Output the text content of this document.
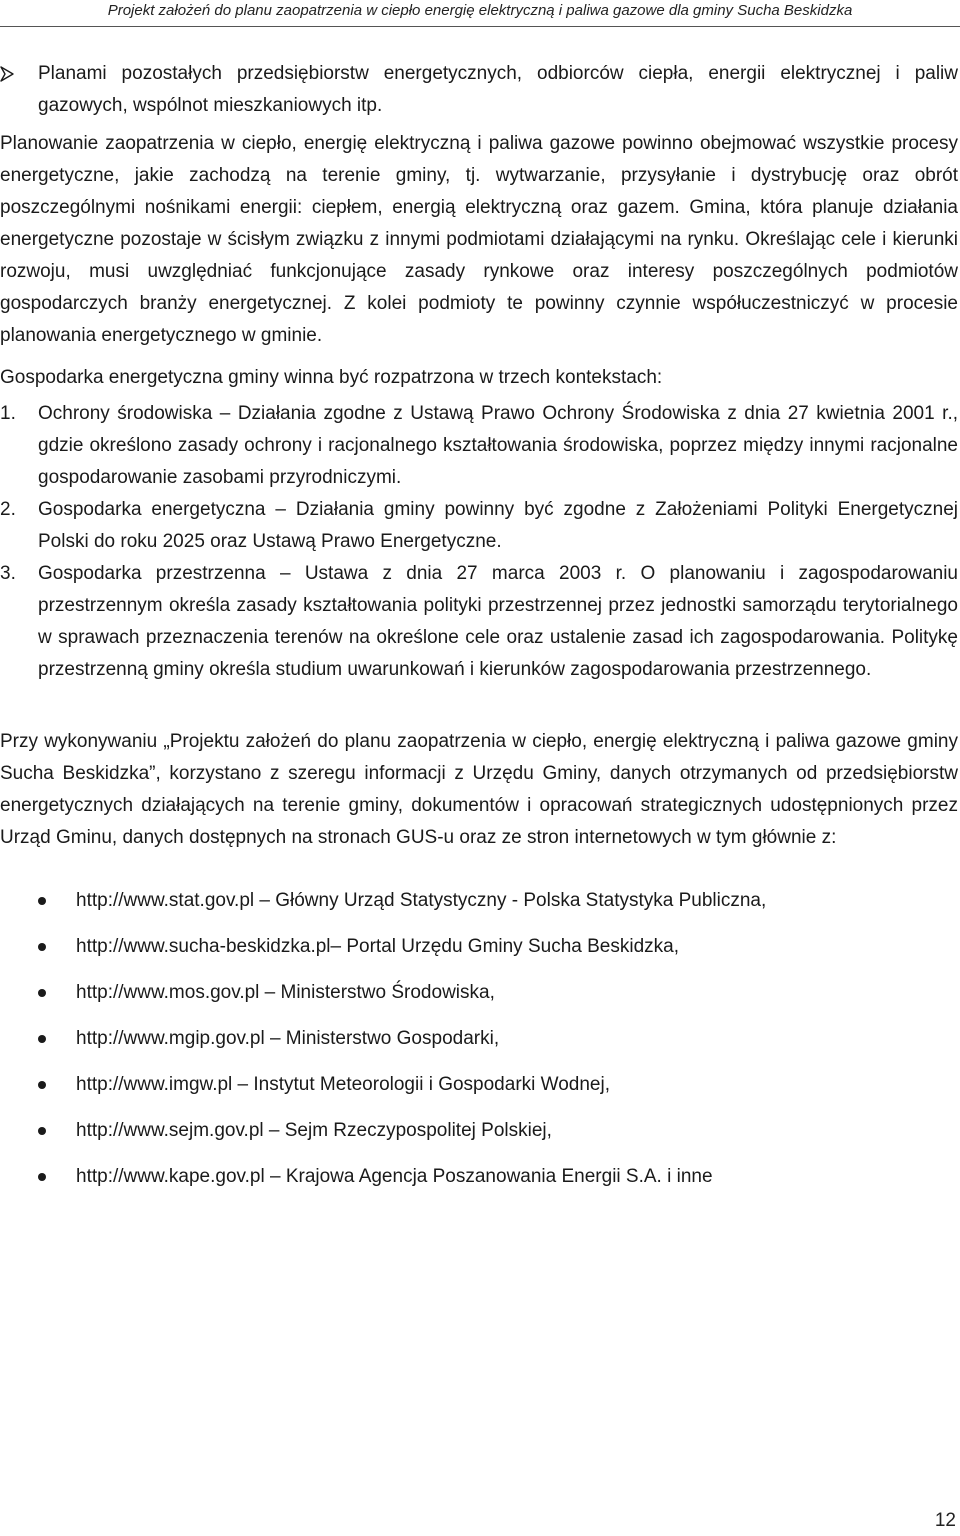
Projekt założeń do planu zaopatrzenia w ciepło energię elektryczną i paliwa gazowe dla gminy Sucha Beskidzka
Planami pozostałych przedsiębiorstw energetycznych, odbiorców ciepła, energii elektrycznej i paliw gazowych, wspólnot mieszkaniowych itp.

Planowanie zaopatrzenia w ciepło, energię elektryczną i paliwa gazowe powinno obejmować wszystkie procesy energetyczne, jakie zachodzą na terenie gminy, tj. wytwarzanie, przysyłanie i dystrybucję oraz obrót poszczególnymi nośnikami energii: ciepłem, energią elektryczną oraz gazem. Gmina, która planuje działania energetyczne pozostaje w ścisłym związku z innymi podmiotami działającymi na rynku. Określając cele i kierunki rozwoju, musi uwzględniać funkcjonujące zasady rynkowe oraz interesy poszczególnych podmiotów gospodarczych branży energetycznej. Z kolei podmioty te powinny czynnie współuczestniczyć w procesie planowania energetycznego w gminie.

Gospodarka energetyczna gminy winna być rozpatrzona w trzech kontekstach:

1.	Ochrony środowiska – Działania zgodne z Ustawą Prawo Ochrony Środowiska z dnia 27 kwietnia 2001 r., gdzie określono zasady ochrony i racjonalnego kształtowania środowiska, poprzez między innymi racjonalne gospodarowanie zasobami przyrodniczymi.
2.	Gospodarka energetyczna – Działania gminy powinny być zgodne z Założeniami Polityki Energetycznej Polski do roku 2025 oraz Ustawą Prawo Energetyczne.
3.	Gospodarka przestrzenna – Ustawa z dnia 27 marca 2003 r. O planowaniu i zagospodarowaniu przestrzennym określa zasady kształtowania polityki przestrzennej przez jednostki samorządu terytorialnego w sprawach przeznaczenia terenów na określone cele oraz ustalenie zasad ich zagospodarowania. Politykę przestrzenną gminy określa studium uwarunkowań i kierunków zagospodarowania przestrzennego.

Przy wykonywaniu „Projektu założeń do planu zaopatrzenia w ciepło, energię elektryczną i paliwa gazowe gminy Sucha Beskidzka”, korzystano z szeregu informacji z Urzędu Gminy, danych otrzymanych od przedsiębiorstw energetycznych działających na terenie gminy, dokumentów i opracowań strategicznych udostępnionych przez Urząd Gminu, danych dostępnych na stronach GUS-u oraz ze stron internetowych w tym głównie z:

http://www.stat.gov.pl – Główny Urząd Statystyczny - Polska Statystyka Publiczna,
http://www.sucha-beskidzka.pl– Portal Urzędu Gminy Sucha Beskidzka,
http://www.mos.gov.pl – Ministerstwo Środowiska,
http://www.mgip.gov.pl – Ministerstwo Gospodarki,
http://www.imgw.pl – Instytut Meteorologii i Gospodarki Wodnej,
http://www.sejm.gov.pl – Sejm Rzeczypospolitej Polskiej,
http://www.kape.gov.pl – Krajowa Agencja Poszanowania Energii S.A. i inne
12
